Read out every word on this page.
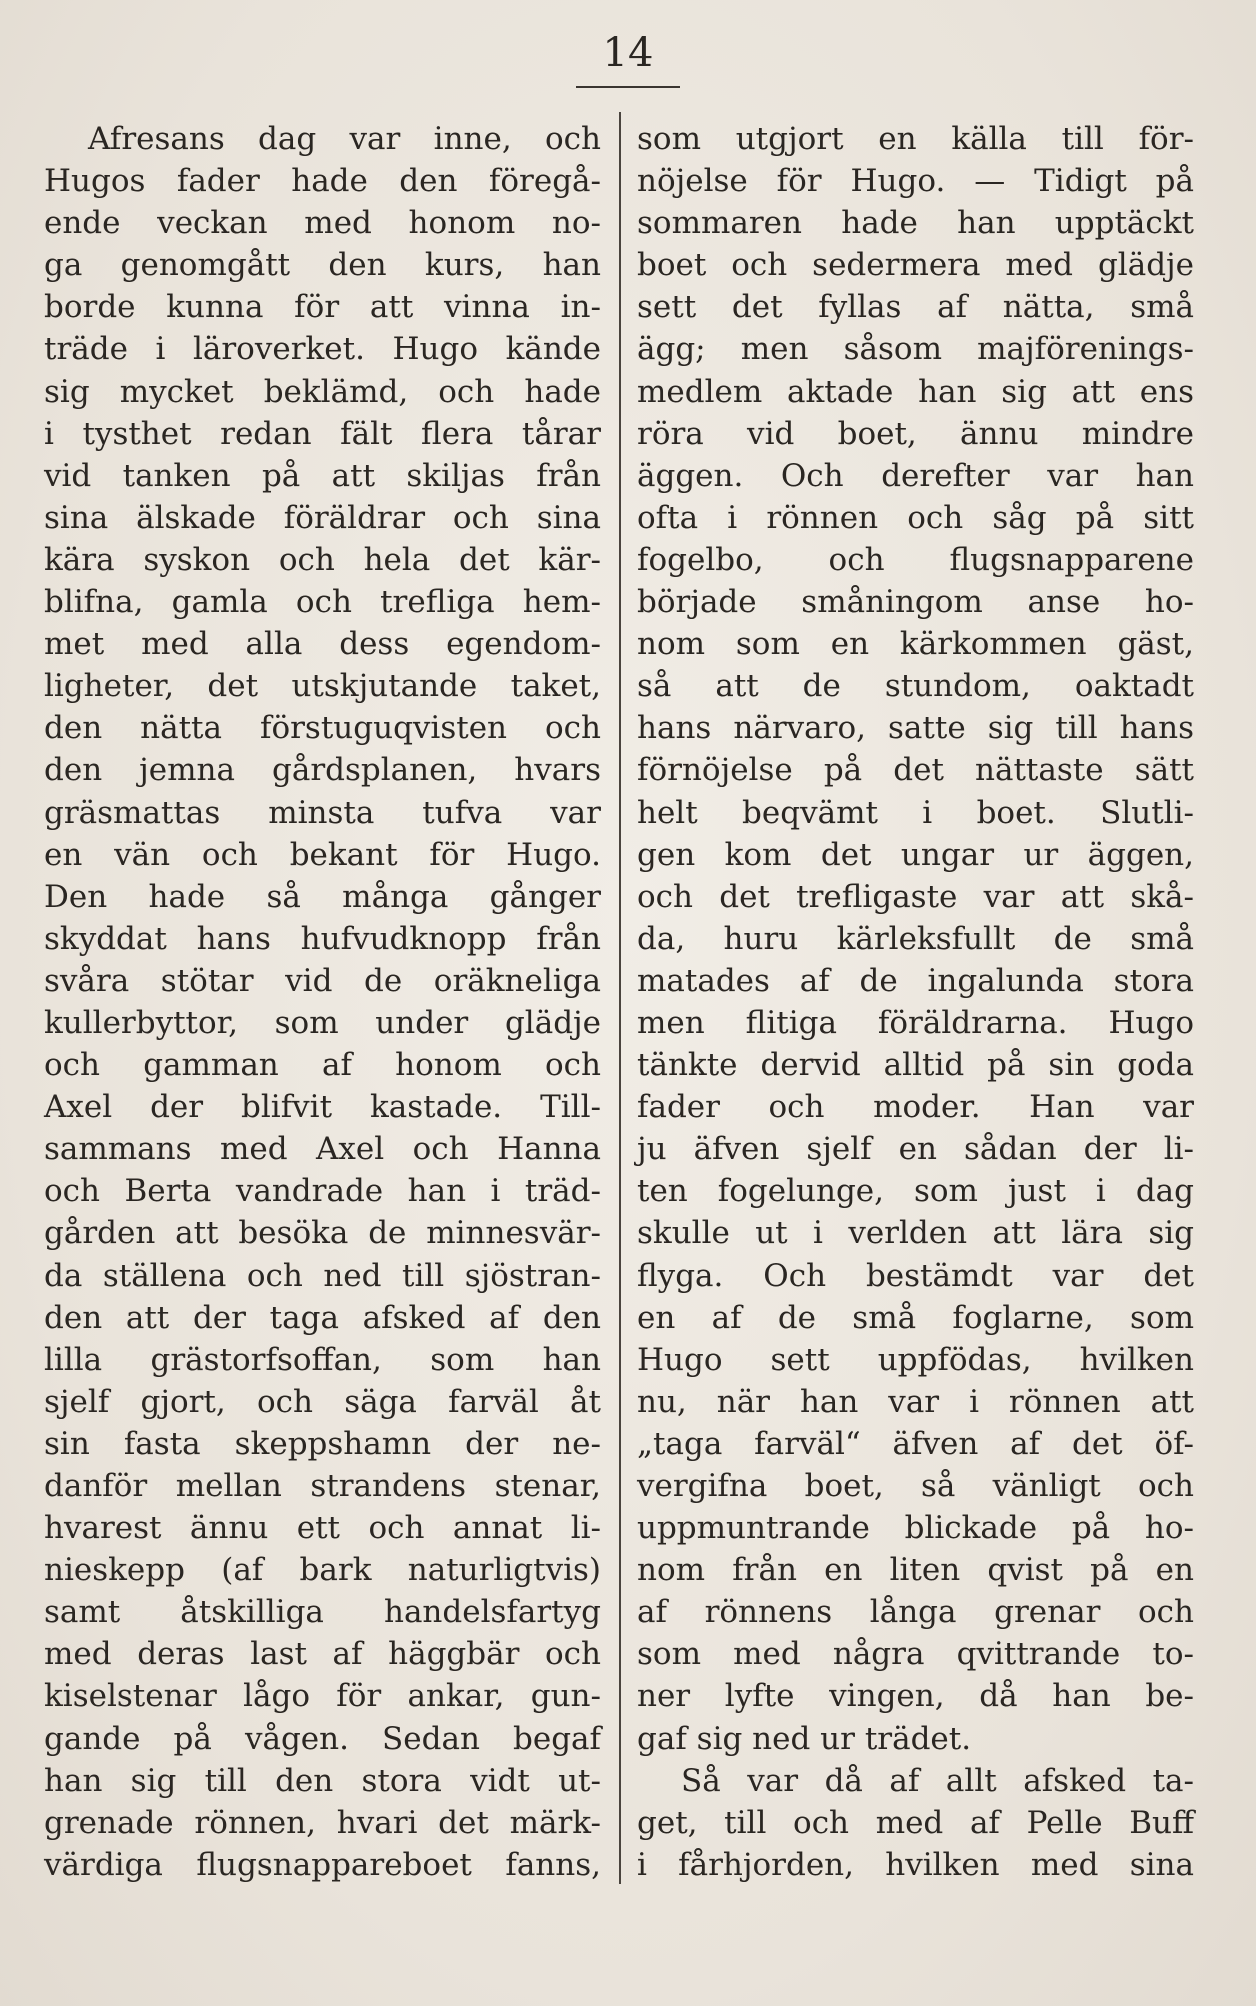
14
Afresans dag var inne, och
Hugos fader hade den föregå-
ende veckan med honom no-
ga genomgått den kurs, han
borde kunna för att vinna in-
träde i läroverket. Hugo kände
sig mycket beklämd, och hade
i tysthet redan fält flera tårar
vid tanken på att skiljas från
sina älskade föräldrar och sina
kära syskon och hela det kär-
blifna, gamla och trefliga hem-
met med alla dess egendom-
ligheter, det utskjutande taket,
den nätta förstuguqvisten och
den jemna gårdsplanen, hvars
gräsmattas minsta tufva var
en vän och bekant för Hugo.
Den hade så många gånger
skyddat hans hufvudknopp från
svåra stötar vid de oräkneliga
kullerbyttor, som under glädje
och gamman af honom och
Axel der blifvit kastade. Till-
sammans med Axel och Hanna
och Berta vandrade han i träd-
gården att besöka de minnesvär-
da ställena och ned till sjöstran-
den att der taga afsked af den
lilla grästorfsoffan, som han
sjelf gjort, och säga farväl åt
sin fasta skeppshamn der ne-
danför mellan strandens stenar,
hvarest ännu ett och annat li-
nieskepp (af bark naturligtvis)
samt åtskilliga handelsfartyg
med deras last af häggbär och
kiselstenar lågo för ankar, gun-
gande på vågen. Sedan begaf
han sig till den stora vidt ut-
grenade rönnen, hvari det märk-
värdiga flugsnappareboet fanns,
som utgjort en källa till för-
nöjelse för Hugo. — Tidigt på
sommaren hade han upptäckt
boet och sedermera med glädje
sett det fyllas af nätta, små
ägg; men såsom majförenings-
medlem aktade han sig att ens
röra vid boet, ännu mindre
äggen. Och derefter var han
ofta i rönnen och såg på sitt
fogelbo, och flugsnapparene
började småningom anse ho-
nom som en kärkommen gäst,
så att de stundom, oaktadt
hans närvaro, satte sig till hans
förnöjelse på det nättaste sätt
helt beqvämt i boet. Slutli-
gen kom det ungar ur äggen,
och det trefligaste var att skå-
da, huru kärleksfullt de små
matades af de ingalunda stora
men flitiga föräldrarna. Hugo
tänkte dervid alltid på sin goda
fader och moder. Han var
ju äfven sjelf en sådan der li-
ten fogelunge, som just i dag
skulle ut i verlden att lära sig
flyga. Och bestämdt var det
en af de små foglarne, som
Hugo sett uppfödas, hvilken
nu, när han var i rönnen att
„taga farväl“ äfven af det öf-
vergifna boet, så vänligt och
uppmuntrande blickade på ho-
nom från en liten qvist på en
af rönnens långa grenar och
som med några qvittrande to-
ner lyfte vingen, då han be-
gaf sig ned ur trädet.
Så var då af allt afsked ta-
get, till och med af Pelle Buff
i fårhjorden, hvilken med sina
